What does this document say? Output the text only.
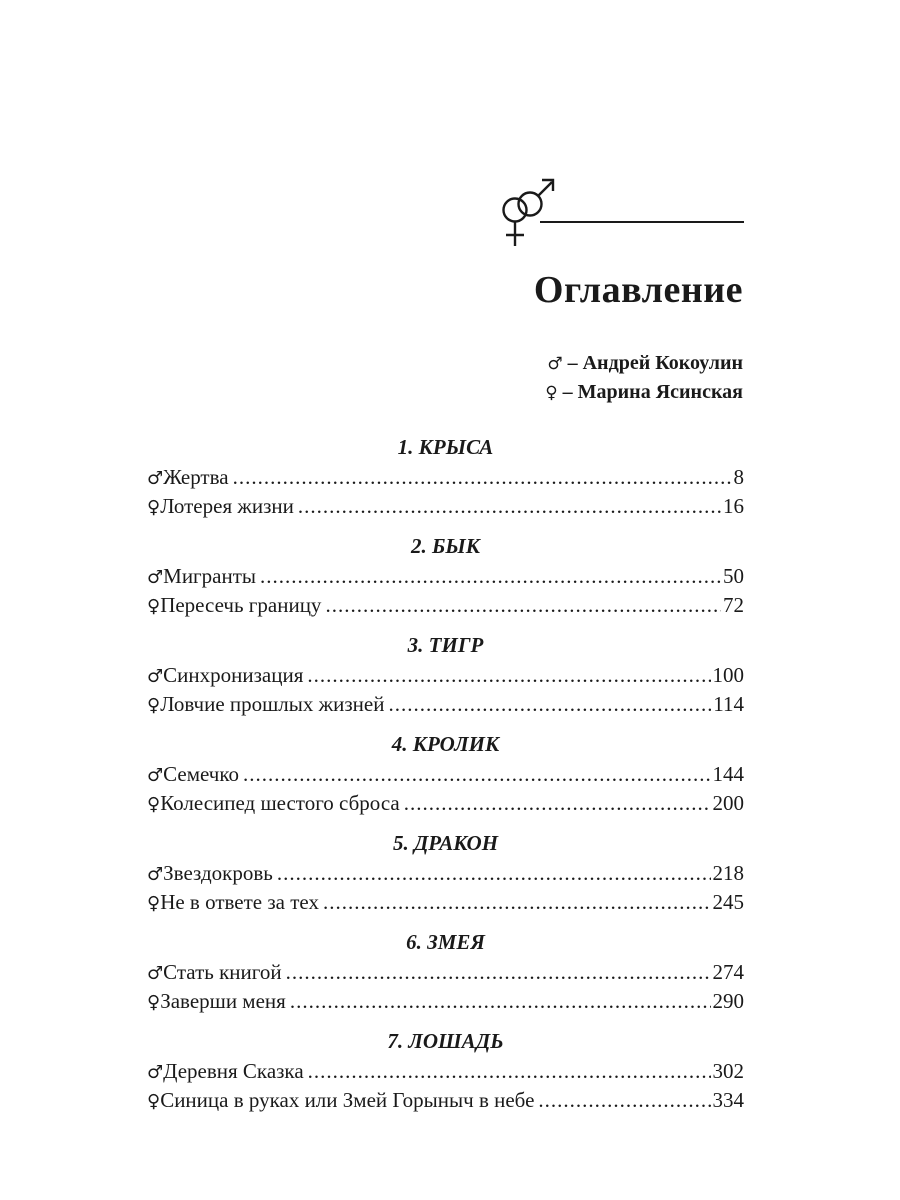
Оглавление
♂ – Андрей Кокоулин
♀ – Марина Ясинская
1. КРЫСА
♂ Жертва .....	8
♀ Лотерея жизни .....	16
2. БЫК
♂ Мигранты .....	50
♀ Пересечь границу .....	72
3. ТИГР
♂ Синхронизация .....	100
♀ Ловчие прошлых жизней .....	114
4. КРОЛИК
♂ Семечко .....	144
♀ Колесипед шестого сброса .....	200
5. ДРАКОН
♂ Звездокровь .....	218
♀ Не в ответе за тех .....	245
6. ЗМЕЯ
♂ Стать книгой .....	274
♀ Заверши меня .....	290
7. ЛОШАДЬ
♂ Деревня Сказка .....	302
♀ Синица в руках или Змей Горыныч в небе .....	334
